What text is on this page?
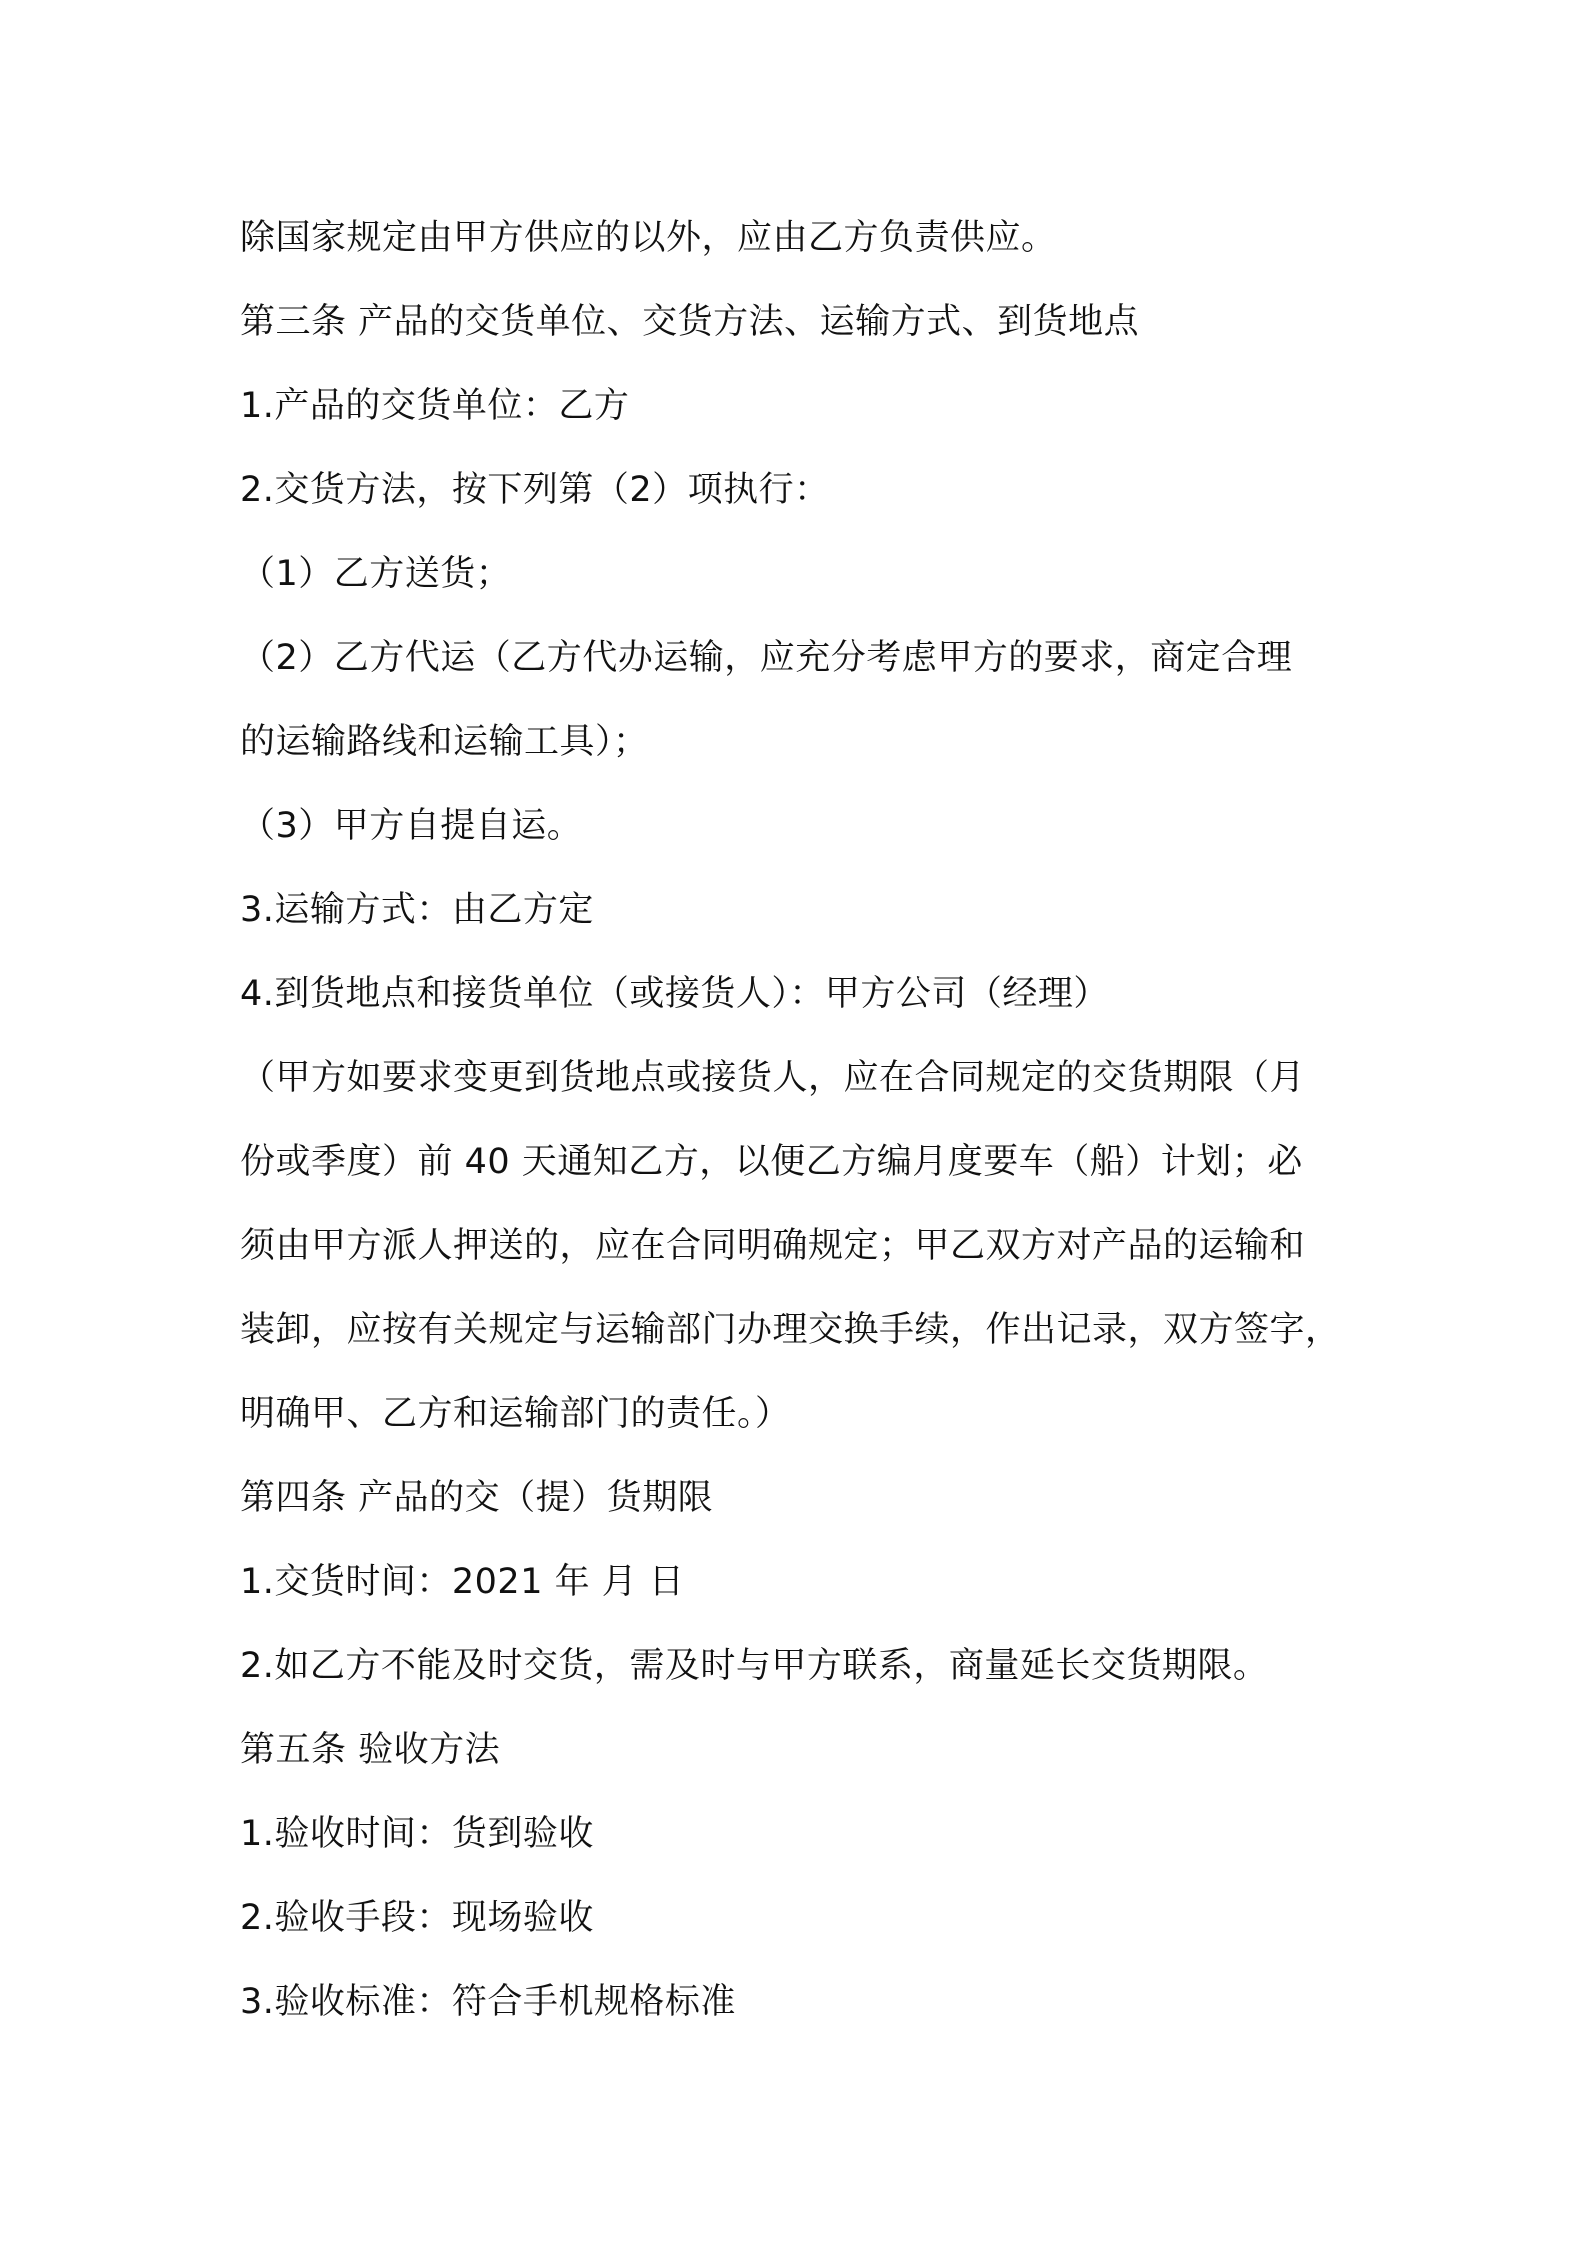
除国家规定由甲方供应的以外，应由乙方负责供应。
第三条 产品的交货单位、交货方法、运输方式、到货地点
1.产品的交货单位：乙方
2.交货方法，按下列第（2）项执行：
（1）乙方送货；
（2）乙方代运（乙方代办运输，应充分考虑甲方的要求，商定合理
的运输路线和运输工具）；
（3）甲方自提自运。
3.运输方式：由乙方定
4.到货地点和接货单位（或接货人）：甲方公司（经理）
（甲方如要求变更到货地点或接货人，应在合同规定的交货期限（月
份或季度）前 40 天通知乙方，以便乙方编月度要车（船）计划；必
须由甲方派人押送的，应在合同明确规定；甲乙双方对产品的运输和
装卸，应按有关规定与运输部门办理交换手续，作出记录，双方签字，
明确甲、乙方和运输部门的责任。）
第四条 产品的交（提）货期限
1.交货时间：2021 年 月 日
2.如乙方不能及时交货，需及时与甲方联系，商量延长交货期限。
第五条 验收方法
1.验收时间：货到验收
2.验收手段：现场验收
3.验收标准：符合手机规格标准
